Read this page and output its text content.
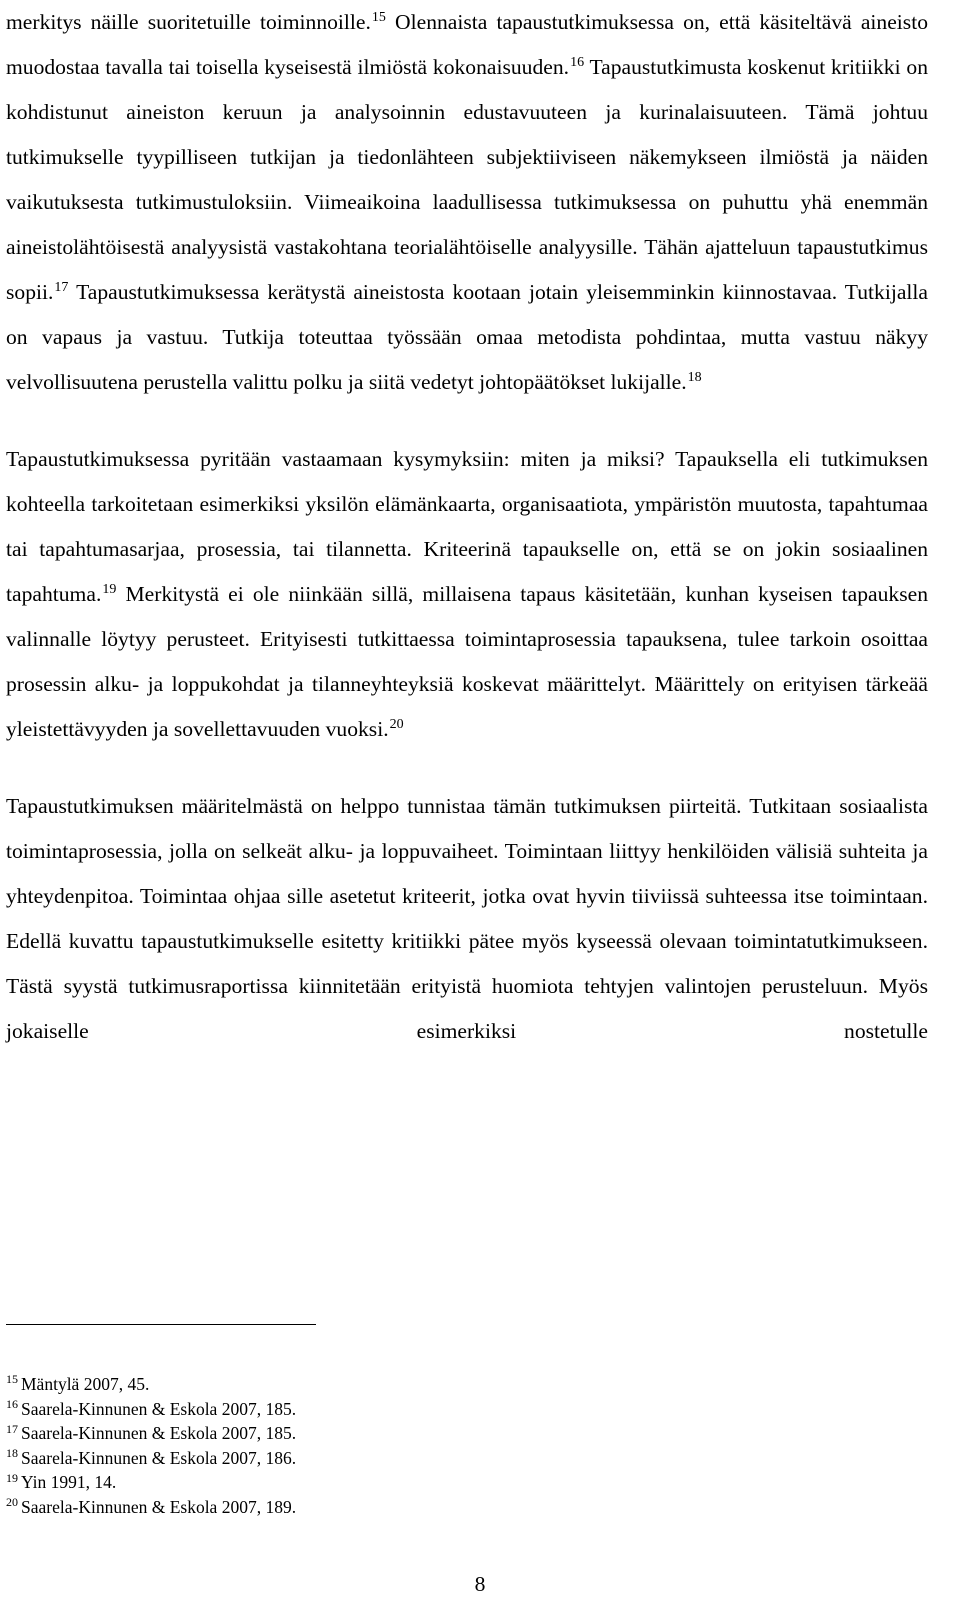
merkitys näille suoritetuille toiminnoille.$^{15}$ Olennaista tapaustutkimuksessa on, että käsiteltävä aineisto muodostaa tavalla tai toisella kyseisestä ilmiöstä kokonaisuuden.$^{16}$ Tapaustutkimusta koskenut kritiikki on kohdistunut aineiston keruun ja analysoinnin edustavuuteen ja kurinalaisuuteen. Tämä johtuu tutkimukselle tyypilliseen tutkijan ja tiedonlähteen subjektiiviseen näkemykseen ilmiöstä ja näiden vaikutuksesta tutkimustuloksiin. Viimeaikoina laadullisessa tutkimuksessa on puhuttu yhä enemmän aineistolähtöisestä analyysistä vastakohtana teorialähtöiselle analyysille. Tähän ajatteluun tapaustutkimus sopii.$^{17}$ Tapaustutkimuksessa kerätystä aineistosta kootaan jotain yleisemminkin kiinnostavaa. Tutkijalla on vapaus ja vastuu. Tutkija toteuttaa työssään omaa metodista pohdintaa, mutta vastuu näkyy velvollisuutena perustella valittu polku ja siitä vedetyt johtopäätökset lukijalle.$^{18}$

Tapaustutkimuksessa pyritään vastaamaan kysymyksiin: miten ja miksi? Tapauksella eli tutkimuksen kohteella tarkoitetaan esimerkiksi yksilön elämänkaarta, organisaatiota, ympäristön muutosta, tapahtumaa tai tapahtumasarjaa, prosessia, tai tilannetta. Kriteerinä tapaukselle on, että se on jokin sosiaalinen tapahtuma.$^{19}$ Merkitystä ei ole niinkään sillä, millaisena tapaus käsitetään, kunhan kyseisen tapauksen valinnalle löytyy perusteet. Erityisesti tutkittaessa toimintaprosessia tapauksena, tulee tarkoin osoittaa prosessin alku- ja loppukohdat ja tilanneyhteyksiä koskevat määrittelyt. Määrittely on erityisen tärkeää yleistettävyyden ja sovellettavuuden vuoksi.$^{20}$

Tapaustutkimuksen määritelmästä on helppo tunnistaa tämän tutkimuksen piirteitä. Tutkitaan sosiaalista toimintaprosessia, jolla on selkeät alku- ja loppuvaiheet. Toimintaan liittyy henkilöiden välisiä suhteita ja yhteydenpitoa. Toimintaa ohjaa sille asetetut kriteerit, jotka ovat hyvin tiiviissä suhteessa itse toimintaan. Edellä kuvattu tapaustutkimukselle esitetty kritiikki pätee myös kyseessä olevaan toimintatutkimukseen. Tästä syystä tutkimusraportissa kiinnitetään erityistä huomiota tehtyjen valintojen perusteluun. Myös jokaiselle esimerkiksi nostetulle

$^{15}$ Mäntylä 2007, 45.
$^{16}$ Saarela-Kinnunen & Eskola 2007, 185.
$^{17}$ Saarela-Kinnunen & Eskola 2007, 185.
$^{18}$ Saarela-Kinnunen & Eskola 2007, 186.
$^{19}$ Yin 1991, 14.
$^{20}$ Saarela-Kinnunen & Eskola 2007, 189.
8
